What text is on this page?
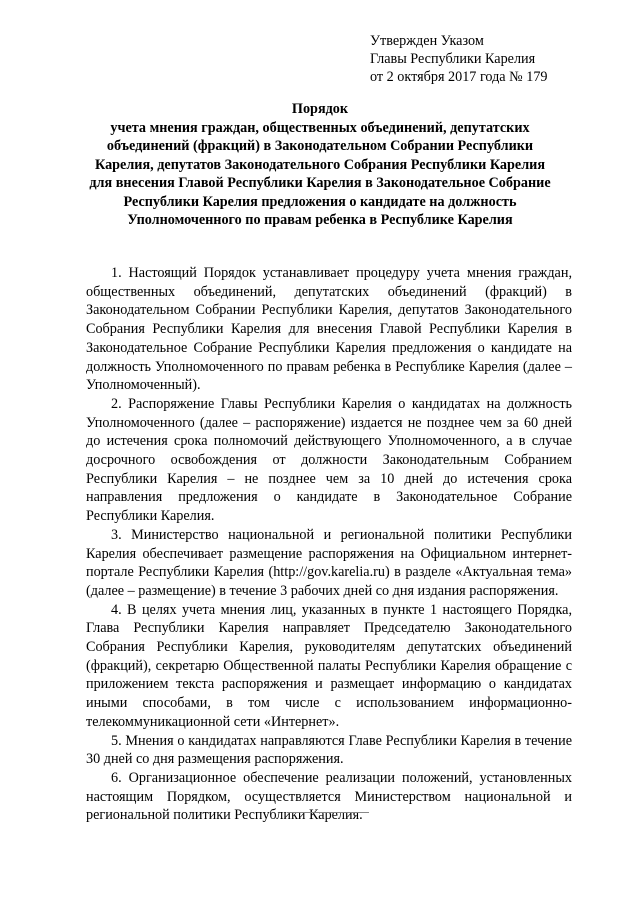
Утвержден Указом
Главы Республики Карелия
от 2 октября 2017 года № 179
Порядок
учета мнения граждан, общественных объединений, депутатских объединений (фракций) в Законодательном Собрании Республики Карелия, депутатов Законодательного Собрания Республики Карелия для внесения Главой Республики Карелия в Законодательное Собрание Республики Карелия предложения о кандидате на должность Уполномоченного по правам ребенка в Республике Карелия

1. Настоящий Порядок устанавливает процедуру учета мнения граждан, общественных объединений, депутатских объединений (фракций) в Законодательном Собрании Республики Карелия, депутатов Законодательного Собрания Республики Карелия для внесения Главой Республики Карелия в Законодательное Собрание Республики Карелия предложения о кандидате на должность Уполномоченного по правам ребенка в Республике Карелия (далее – Уполномоченный).

2. Распоряжение Главы Республики Карелия о кандидатах на должность Уполномоченного (далее – распоряжение) издается не позднее чем за 60 дней до истечения срока полномочий действующего Уполномоченного, а в случае досрочного освобождения от должности Законодательным Собранием Республики Карелия – не позднее чем за 10 дней до истечения срока направления предложения о кандидате в Законодательное Собрание Республики Карелия.

3. Министерство национальной и региональной политики Республики Карелия обеспечивает размещение распоряжения на Официальном интернет-портале Республики Карелия (http://gov.karelia.ru) в разделе «Актуальная тема» (далее – размещение) в течение 3 рабочих дней со дня издания распоряжения.

4. В целях учета мнения лиц, указанных в пункте 1 настоящего Порядка, Глава Республики Карелия направляет Председателю Законодательного Собрания Республики Карелия, руководителям депутатских объединений (фракций), секретарю Общественной палаты Республики Карелия обращение с приложением текста распоряжения и размещает информацию о кандидатах иными способами, в том числе с использованием информационно-телекоммуникационной сети «Интернет».

5. Мнения о кандидатах направляются Главе Республики Карелия в течение 30 дней со дня размещения распоряжения.

6. Организационное обеспечение реализации положений, установленных настоящим Порядком, осуществляется Министерством национальной и региональной политики Республики Карелия.
